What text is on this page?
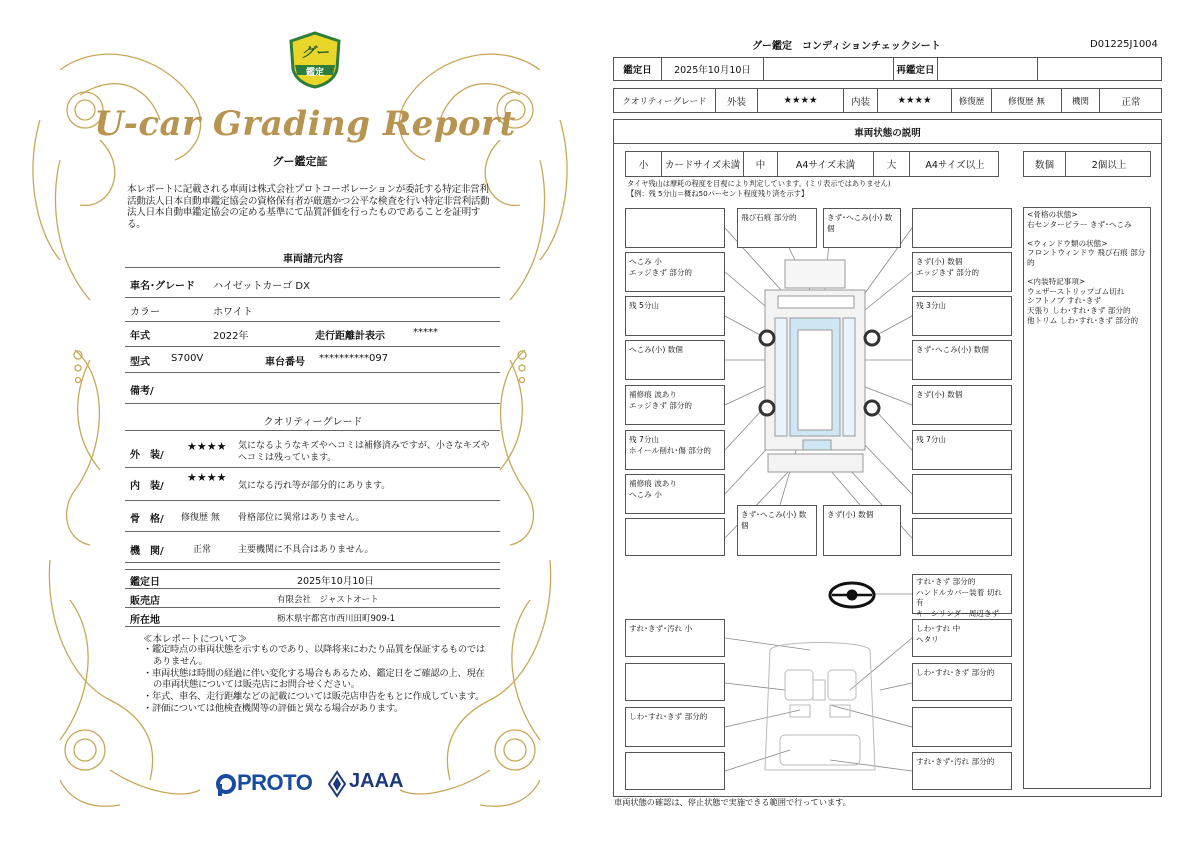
グー
鑑定
U-car Grading Report
グー鑑定証
本レポートに記載される車両は株式会社プロトコーポレーションが委託する特定非営利活動法人日本自動車鑑定協会の資格保有者が厳選かつ公平な検査を行い特定非営利活動法人日本自動車鑑定協会の定める基準にて品質評価を行ったものであることを証明する。
車両諸元内容
車名･グレード ハイゼットカーゴ DX
カラー	ホワイト
年式	2022年	走行距離計表示	*****
型式 S700V	車台番号 **********097
備考/
クオリティーグレード
外　装/
★★★★ 気になるようなキズやヘコミは補修済みですが、小さなキズやヘコミは残っています。
内　装/
★★★★
気になる汚れ等が部分的にあります。
骨　格/ 修復歴 無 骨格部位に異常はありません。
機　関/	正常	主要機関に不具合はありません。
鑑定日	2025年10月10日
販売店	有限会社　ジャストオート
所在地	栃木県宇都宮市西川田町909-1
≪本レポートについて≫
・鑑定時点の車両状態を示すものであり、以降将来にわたり品質を保証するものではありません。
・車両状態は時間の経過に伴い変化する場合もあるため、鑑定日をご確認の上、現在の車両状態については販売店にお問合せください。
・年式、車名、走行距離などの記載については販売店申告をもとに作成しています。
・評価については他検査機関等の評価と異なる場合があります。
PROTO JAAA
グー鑑定　コンディションチェックシート	D01225J1004
鑑定日	2025年10月10日	再鑑定日
クオリティーグレード	外装	★★★★	内装	★★★★	修復歴	修復歴 無	機関	正常
車両状態の説明
小	カードサイズ未満	中	A4サイズ未満	大	A4サイズ以上	数個	2個以上
タイヤ残山は摩耗の程度を目視により判定しています。(ミリ表示ではありません)
【例：残 5分山＝概ね50パーセント程度残り済を示す】
飛び石痕 部分的	きず･へこみ(小) 数個
へこみ 小
エッジきず 部分的
きず(小) 数個
エッジきず 部分的
残 5分山	残 3分山
へこみ(小) 数個	きず･へこみ(小) 数個
補修痕 波あり
エッジきず 部分的
きず(小) 数個
残 7分山
ホイール削れ･傷 部分的
残 7分山
補修痕 波あり
へこみ 小
きず･へこみ(小) 数個
きず(小) 数個
すれ･きず 部分的
ハンドルカバー装着 切れ有
キーシリンダー周辺きず
すれ･きず･汚れ 小	しわ･すれ 中
へタリ
しわ･すれ･きず 部分的
しわ･すれ･きず 部分的
すれ･きず･汚れ 部分的
<骨格の状態>
右センターピラー きず･へこみ
<ウィンドウ類の状態>
フロントウィンドウ 飛び石痕 部分的
<内装特記事項>
ウェザーストリップゴム切れ
シフトノブ すれ･きず
天張り しわ･すれ･きず 部分的
他トリム しわ･すれ･きず 部分的
車両状態の確認は、停止状態で実施できる範囲で行っています。
